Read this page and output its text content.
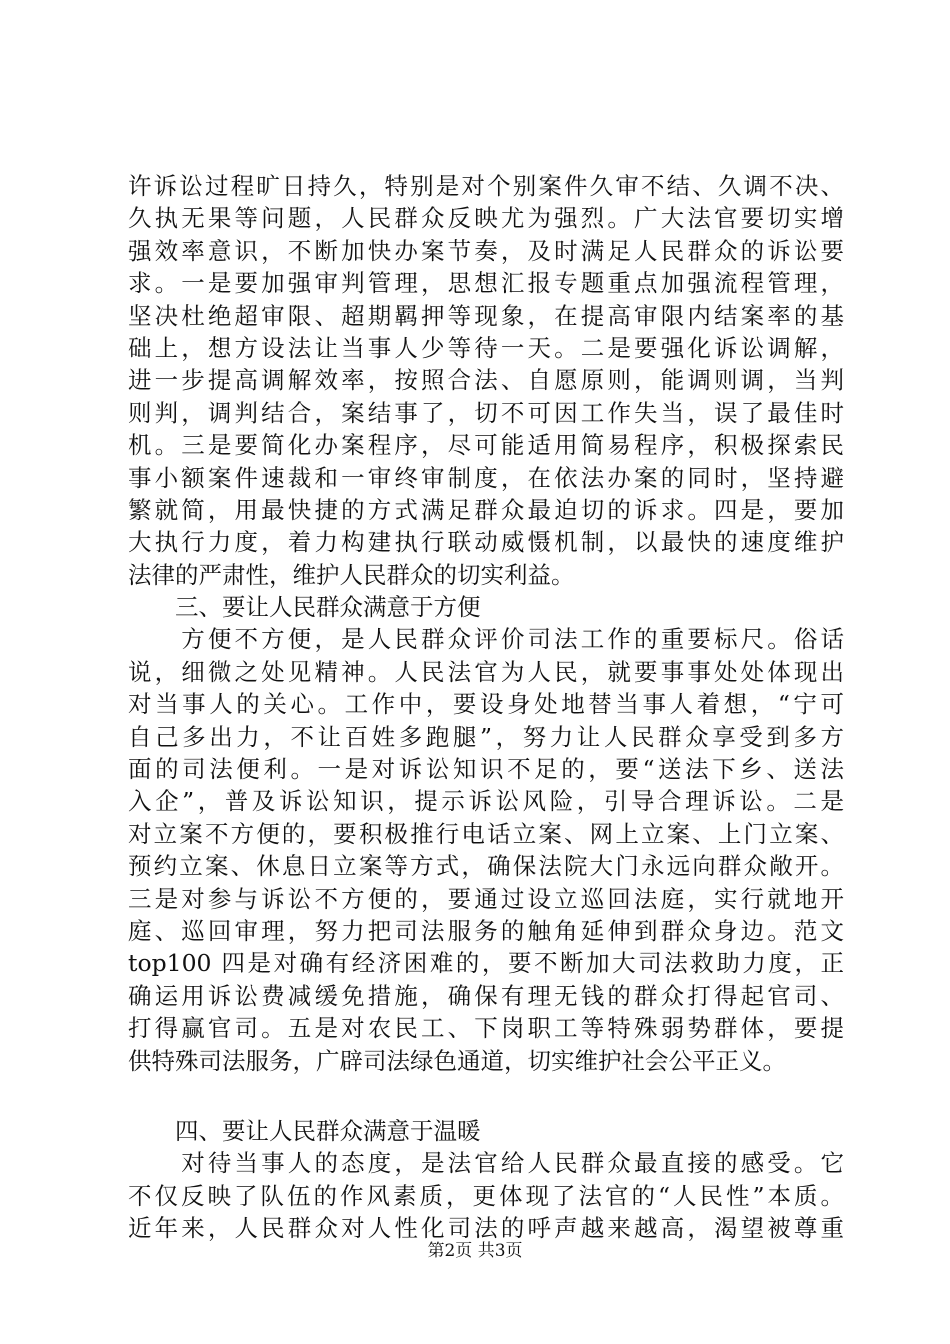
许诉讼过程旷日持久，特别是对个别案件久审不结、久调不决、
久执无果等问题，人民群众反映尤为强烈。广大法官要切实增
强效率意识，不断加快办案节奏，及时满足人民群众的诉讼要
求。一是要加强审判管理，思想汇报专题重点加强流程管理，
坚决杜绝超审限、超期羁押等现象，在提高审限内结案率的基
础上，想方设法让当事人少等待一天。二是要强化诉讼调解，
进一步提高调解效率，按照合法、自愿原则，能调则调，当判
则判，调判结合，案结事了，切不可因工作失当，误了最佳时
机。三是要简化办案程序，尽可能适用简易程序，积极探索民
事小额案件速裁和一审终审制度，在依法办案的同时，坚持避
繁就简，用最快捷的方式满足群众最迫切的诉求。四是，要加
大执行力度，着力构建执行联动威慑机制，以最快的速度维护
法律的严肃性，维护人民群众的切实利益。
　　三、要让人民群众满意于方便
　　方便不方便，是人民群众评价司法工作的重要标尺。俗话
说，细微之处见精神。人民法官为人民，就要事事处处体现出
对当事人的关心。工作中，要设身处地替当事人着想，“宁可
自己多出力，不让百姓多跑腿”，努力让人民群众享受到多方
面的司法便利。一是对诉讼知识不足的，要“送法下乡、送法
入企”，普及诉讼知识，提示诉讼风险，引导合理诉讼。二是
对立案不方便的，要积极推行电话立案、网上立案、上门立案、
预约立案、休息日立案等方式，确保法院大门永远向群众敞开。
三是对参与诉讼不方便的，要通过设立巡回法庭，实行就地开
庭、巡回审理，努力把司法服务的触角延伸到群众身边。范文
top100 四是对确有经济困难的，要不断加大司法救助力度，正
确运用诉讼费减缓免措施，确保有理无钱的群众打得起官司、
打得赢官司。五是对农民工、下岗职工等特殊弱势群体，要提
供特殊司法服务，广辟司法绿色通道，切实维护社会公平正义。
　　四、要让人民群众满意于温暖
　　对待当事人的态度，是法官给人民群众最直接的感受。它
不仅反映了队伍的作风素质，更体现了法官的“人民性”本质。
近年来，人民群众对人性化司法的呼声越来越高，渴望被尊重
第2页 共3页
